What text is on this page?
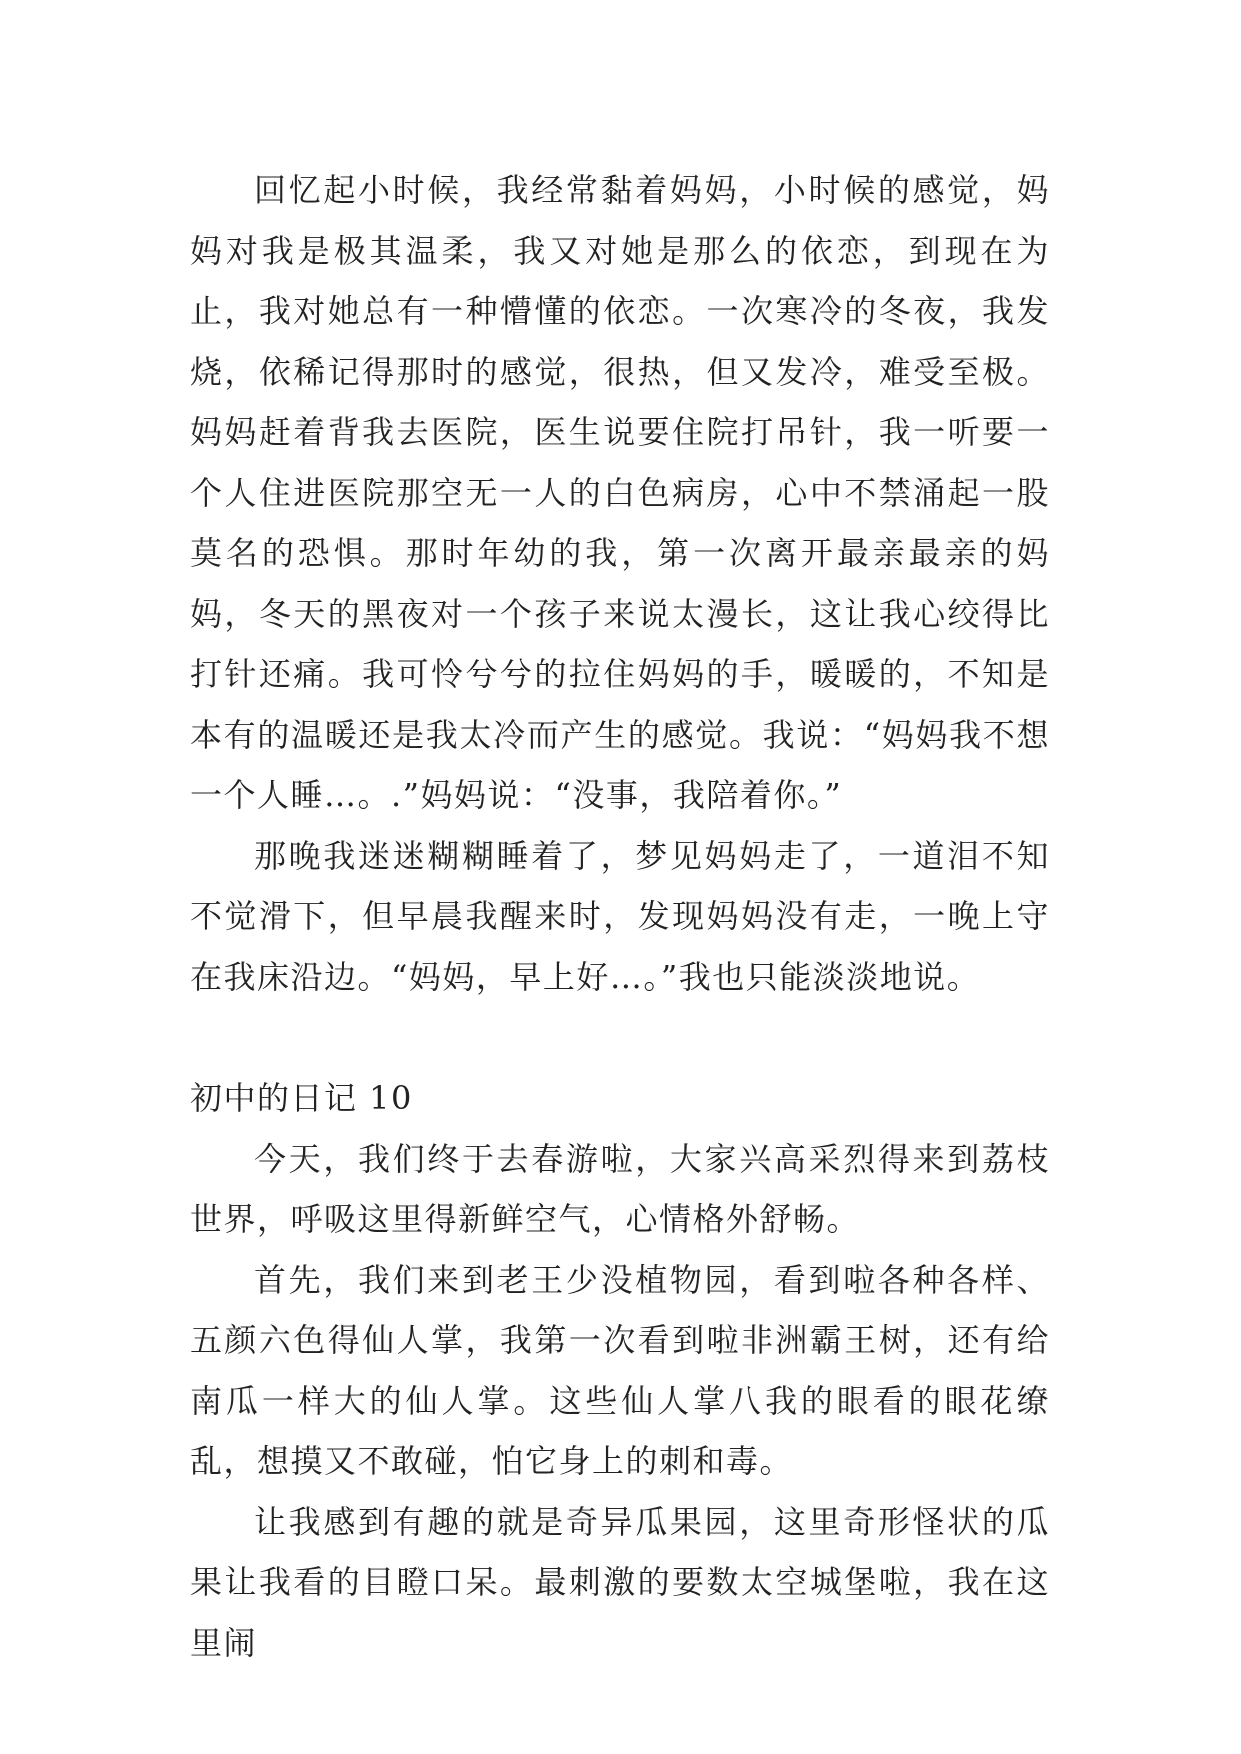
回忆起小时候，我经常黏着妈妈，小时候的感觉，妈妈对我是极其温柔，我又对她是那么的依恋，到现在为止，我对她总有一种懵懂的依恋。一次寒冷的冬夜，我发烧，依稀记得那时的感觉，很热，但又发冷，难受至极。妈妈赶着背我去医院，医生说要住院打吊针，我一听要一个人住进医院那空无一人的白色病房，心中不禁涌起一股莫名的恐惧。那时年幼的我，第一次离开最亲最亲的妈妈，冬天的黑夜对一个孩子来说太漫长，这让我心绞得比打针还痛。我可怜兮兮的拉住妈妈的手，暖暖的，不知是本有的温暖还是我太冷而产生的感觉。我说：“妈妈我不想一个人睡…。.”妈妈说：“没事，我陪着你。”

那晚我迷迷糊糊睡着了，梦见妈妈走了，一道泪不知不觉滑下，但早晨我醒来时，发现妈妈没有走，一晚上守在我床沿边。“妈妈，早上好…。”我也只能淡淡地说。

初中的日记 10

今天，我们终于去春游啦，大家兴高采烈得来到荔枝世界，呼吸这里得新鲜空气，心情格外舒畅。

首先，我们来到老王少没植物园，看到啦各种各样、五颜六色得仙人掌，我第一次看到啦非洲霸王树，还有给南瓜一样大的仙人掌。这些仙人掌八我的眼看的眼花缭乱，想摸又不敢碰，怕它身上的刺和毒。

让我感到有趣的就是奇异瓜果园，这里奇形怪状的瓜果让我看的目瞪口呆。最刺激的要数太空城堡啦，我在这里闹
